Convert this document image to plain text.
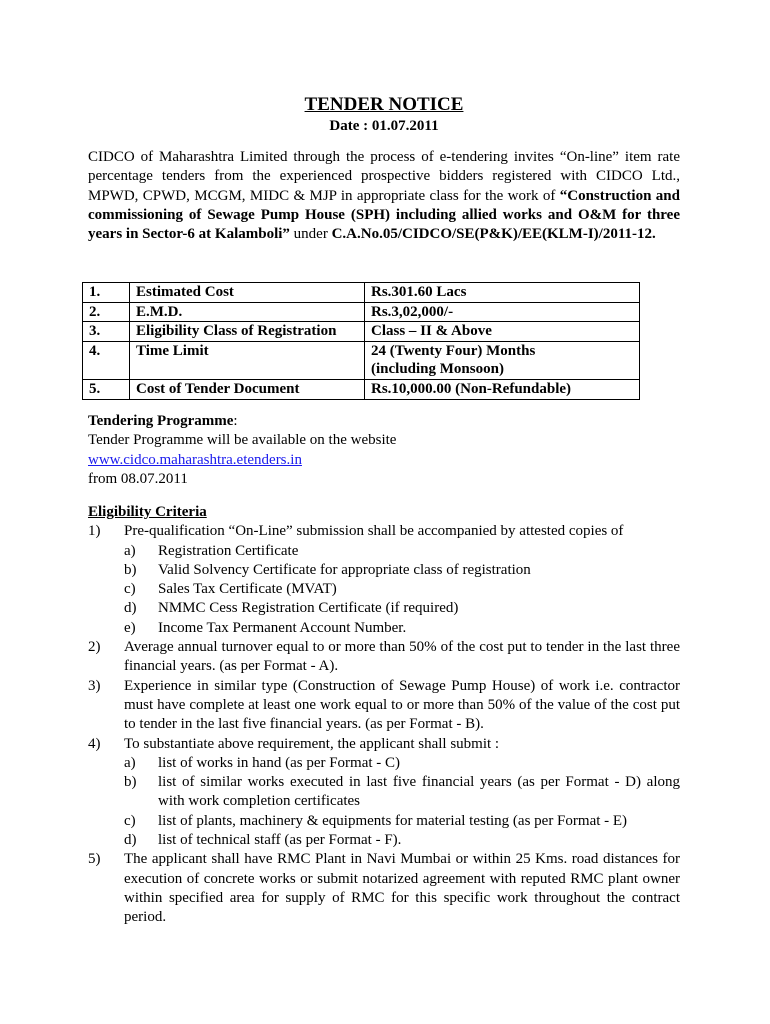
TENDER NOTICE
Date : 01.07.2011
CIDCO of Maharashtra Limited through the process of e-tendering invites “On-line” item rate percentage tenders from the experienced prospective bidders registered with CIDCO Ltd., MPWD, CPWD, MCGM, MIDC & MJP in appropriate class for the work of “Construction and commissioning of Sewage Pump House (SPH) including allied works and O&M for three years in Sector-6 at Kalamboli” under C.A.No.05/CIDCO/SE(P&K)/EE(KLM-I)/2011-12.
1.	Estimated Cost	Rs.301.60 Lacs

2.	E.M.D.	Rs.3,02,000/-

3.	Eligibility Class of Registration	Class – II & Above

4.	Time Limit	24 (Twenty Four) Months
(including Monsoon)

5.	Cost of Tender Document	Rs.10,000.00 (Non-Refundable)
Tendering Programme:
Tender Programme will be available on the website
www.cidco.maharashtra.etenders.in
from 08.07.2011
Eligibility Criteria
1) Pre-qualification “On-Line” submission shall be accompanied by attested copies of
a) Registration Certificate
b) Valid Solvency Certificate for appropriate class of registration
c) Sales Tax Certificate (MVAT)
d) NMMC Cess Registration Certificate (if required)
e) Income Tax Permanent Account Number.
2) Average annual turnover equal to or more than 50% of the cost put to tender in the last three financial years. (as per Format - A).
3) Experience in similar type (Construction of Sewage Pump House) of work i.e. contractor must have complete at least one work equal to or more than 50% of the value of the cost put to tender in the last five financial years. (as per Format - B).
4) To substantiate above requirement, the applicant shall submit :
a) list of works in hand (as per Format - C)
b) list of similar works executed in last five financial years (as per Format - D) along with work completion certificates
c) list of plants, machinery & equipments for material testing (as per Format - E)
d) list of technical staff (as per Format - F).
5) The applicant shall have RMC Plant in Navi Mumbai or within 25 Kms. road distances for execution of concrete works or submit notarized agreement with reputed RMC plant owner within specified area for supply of RMC for this specific work throughout the contract period.
